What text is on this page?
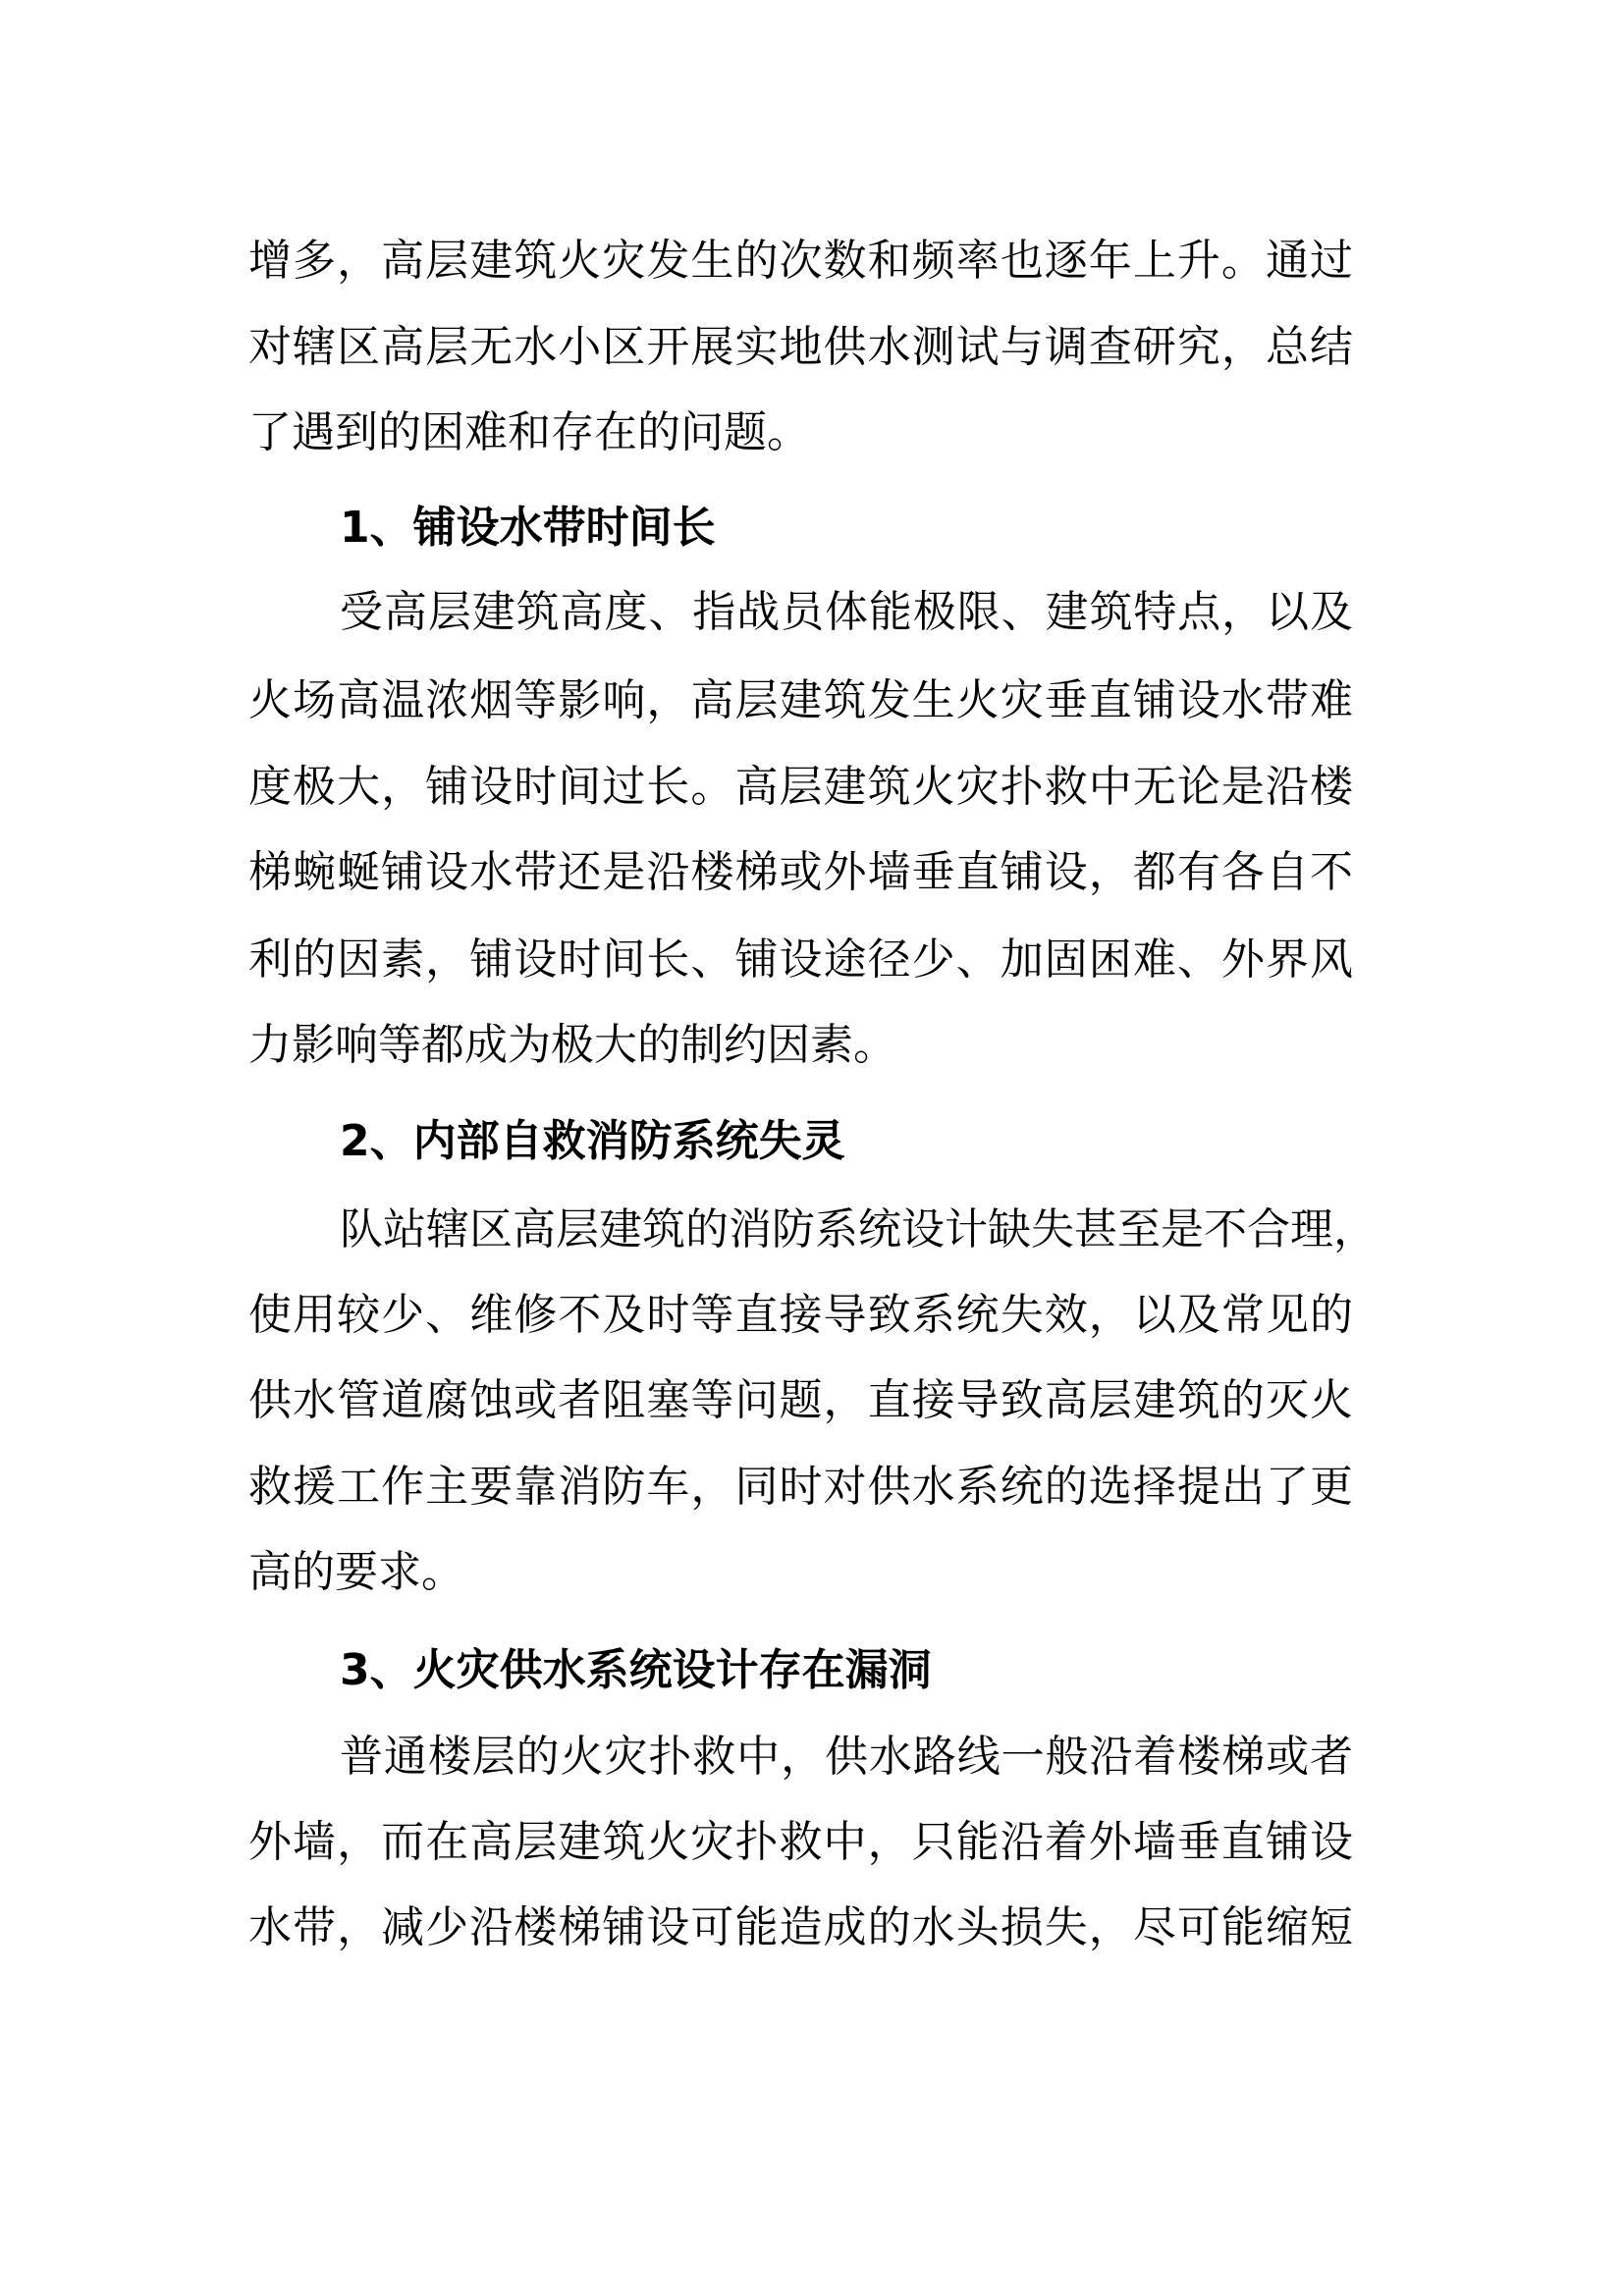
增多，高层建筑火灾发生的次数和频率也逐年上升。通过
对辖区高层无水小区开展实地供水测试与调查研究，总结
了遇到的困难和存在的问题。
1、铺设水带时间长
受高层建筑高度、指战员体能极限、建筑特点，以及
火场高温浓烟等影响，高层建筑发生火灾垂直铺设水带难
度极大，铺设时间过长。高层建筑火灾扑救中无论是沿楼
梯蜿蜒铺设水带还是沿楼梯或外墙垂直铺设，都有各自不
利的因素，铺设时间长、铺设途径少、加固困难、外界风
力影响等都成为极大的制约因素。
2、内部自救消防系统失灵
队站辖区高层建筑的消防系统设计缺失甚至是不合理，
使用较少、维修不及时等直接导致系统失效，以及常见的
供水管道腐蚀或者阻塞等问题，直接导致高层建筑的灭火
救援工作主要靠消防车，同时对供水系统的选择提出了更
高的要求。
3、火灾供水系统设计存在漏洞
普通楼层的火灾扑救中，供水路线一般沿着楼梯或者
外墙，而在高层建筑火灾扑救中，只能沿着外墙垂直铺设
水带，减少沿楼梯铺设可能造成的水头损失，尽可能缩短
